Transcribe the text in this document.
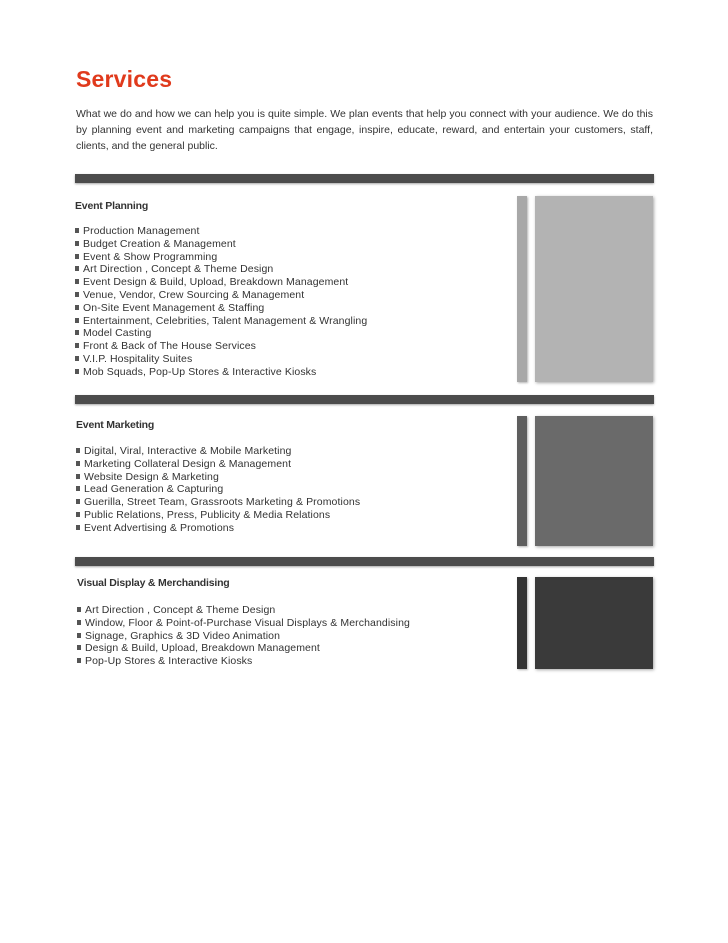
Services

What we do and how we can help you is quite simple. We plan events that help you connect with your audience. We do this by planning event and marketing campaigns that engage, inspire, educate, reward, and entertain your customers, staff, clients, and the general public.

Event Planning
Production Management
Budget Creation & Management
Event & Show Programming
Art Direction , Concept & Theme Design
Event Design & Build, Upload, Breakdown Management
Venue, Vendor, Crew Sourcing & Management
On-Site Event Management & Staffing
Entertainment, Celebrities, Talent Management & Wrangling
Model Casting
Front & Back of The House Services
V.I.P. Hospitality Suites
Mob Squads, Pop-Up Stores & Interactive Kiosks
Event Marketing
Digital, Viral, Interactive & Mobile Marketing
Marketing Collateral Design & Management
Website Design & Marketing
Lead Generation & Capturing
Guerilla, Street Team, Grassroots Marketing & Promotions
Public Relations, Press, Publicity & Media Relations
Event Advertising & Promotions
Visual Display & Merchandising
Art Direction , Concept & Theme Design
Window, Floor & Point-of-Purchase Visual Displays & Merchandising
Signage, Graphics & 3D Video Animation
Design & Build, Upload, Breakdown Management
Pop-Up Stores & Interactive Kiosks
